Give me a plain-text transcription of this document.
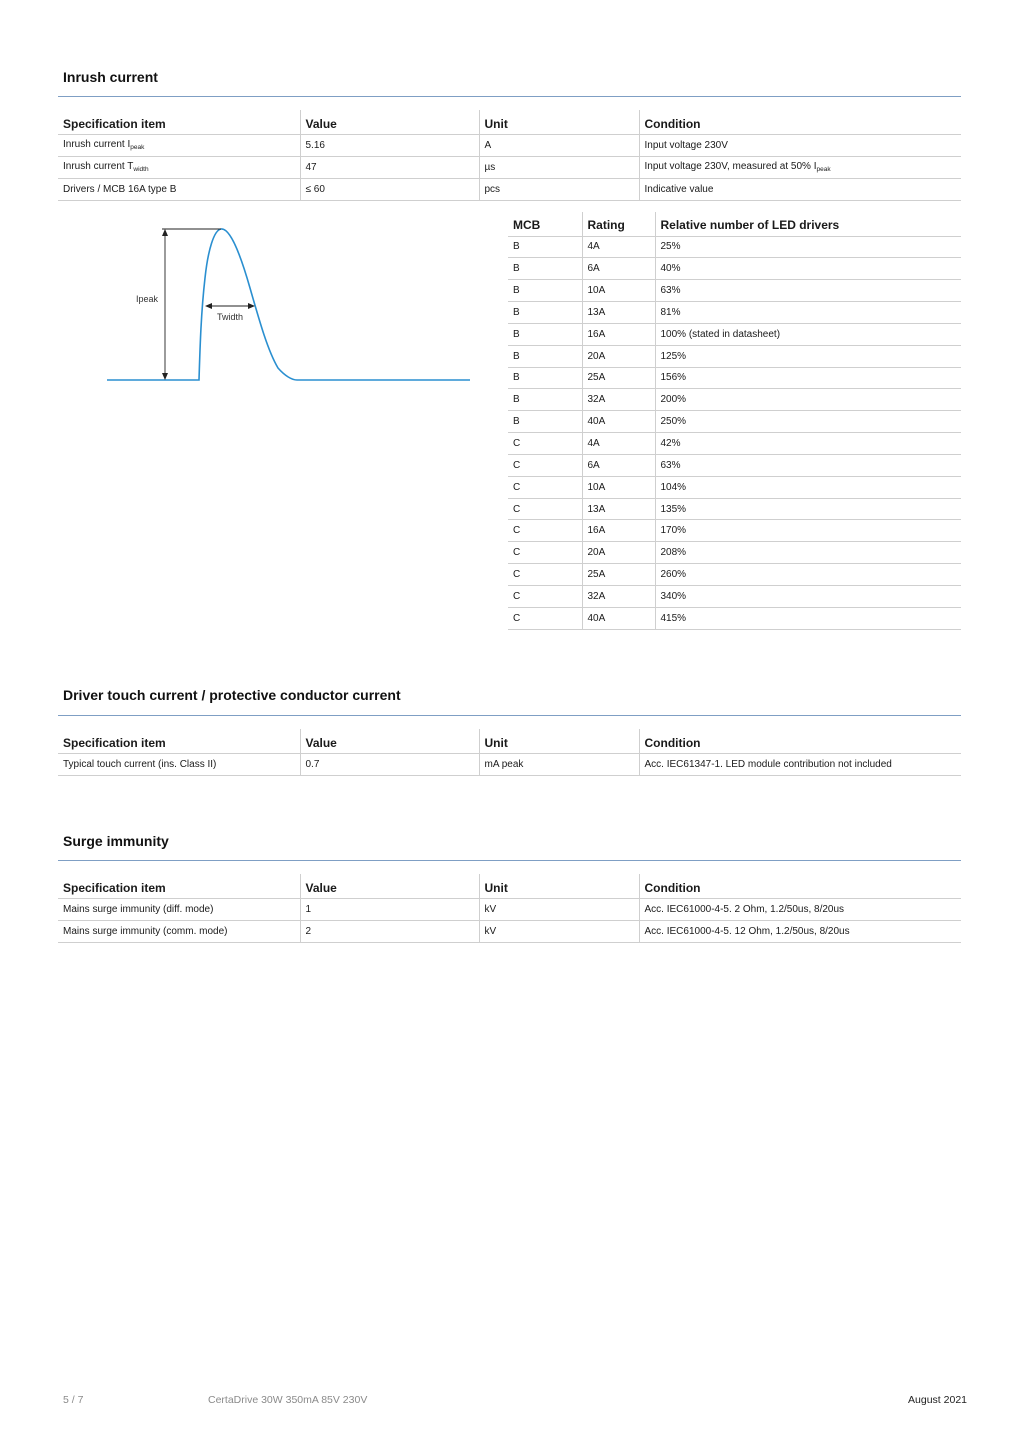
Inrush current
Specification item	Value	Unit	Condition
Inrush current $I_{peak}$	5.16	A	Input voltage 230V
Inrush current $T_{width}$	47	µs	Input voltage 230V, measured at 50% $I_{peak}$
Drivers / MCB 16A type B	≤ 60	pcs	Indicative value
Ipeak
Twidth
MCB	Rating	Relative number of LED drivers
B	4A	25%
B	6A	40%
B	10A	63%
B	13A	81%
B	16A	100% (stated in datasheet)
B	20A	125%
B	25A	156%
B	32A	200%
B	40A	250%
C	4A	42%
C	6A	63%
C	10A	104%
C	13A	135%
C	16A	170%
C	20A	208%
C	25A	260%
C	32A	340%
C	40A	415%
Driver touch current / protective conductor current
Specification item	Value	Unit	Condition
Typical touch current (ins. Class II)	0.7	mA peak	Acc. IEC61347-1. LED module contribution not included
Surge immunity
Specification item	Value	Unit	Condition
Mains surge immunity (diff. mode)	1	kV	Acc. IEC61000-4-5. 2 Ohm, 1.2/50us, 8/20us
Mains surge immunity (comm. mode)	2	kV	Acc. IEC61000-4-5. 12 Ohm, 1.2/50us, 8/20us
5 / 7	CertaDrive 30W 350mA 85V 230V	August 2021
